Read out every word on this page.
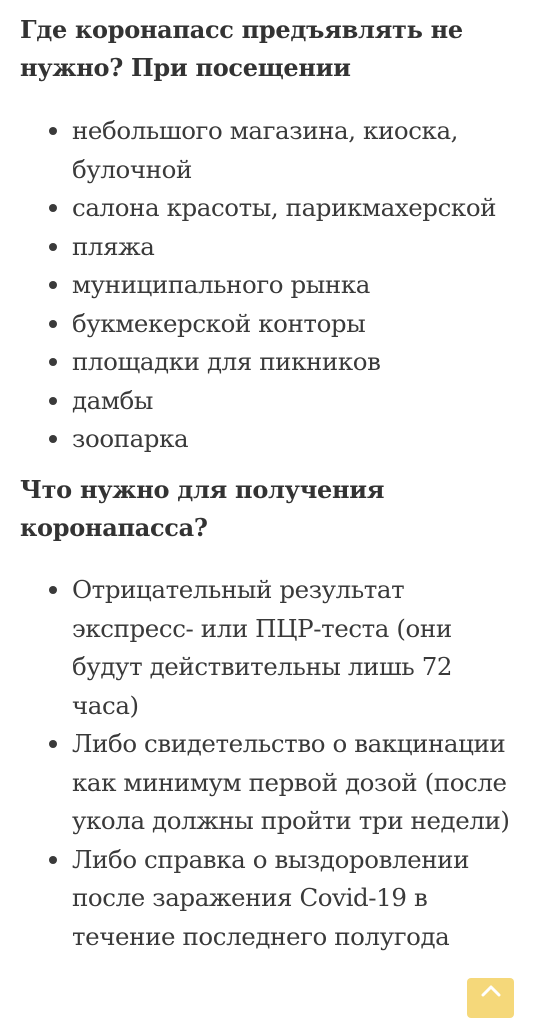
Где коронапасс предъявлять не нужно? При посещении
небольшого магазина, киоска, булочной
салона красоты, парикмахерской
пляжа
муниципального рынка
букмекерской конторы
площадки для пикников
дамбы
зоопарка
Что нужно для получения коронапасса?
Отрицательный результат экспресс- или ПЦР-теста (они будут действительны лишь 72 часа)
Либо свидетельство о вакцинации как минимум первой дозой (после укола должны пройти три недели)
Либо справка о выздоровлении после заражения Covid-19 в течение последнего полугода
